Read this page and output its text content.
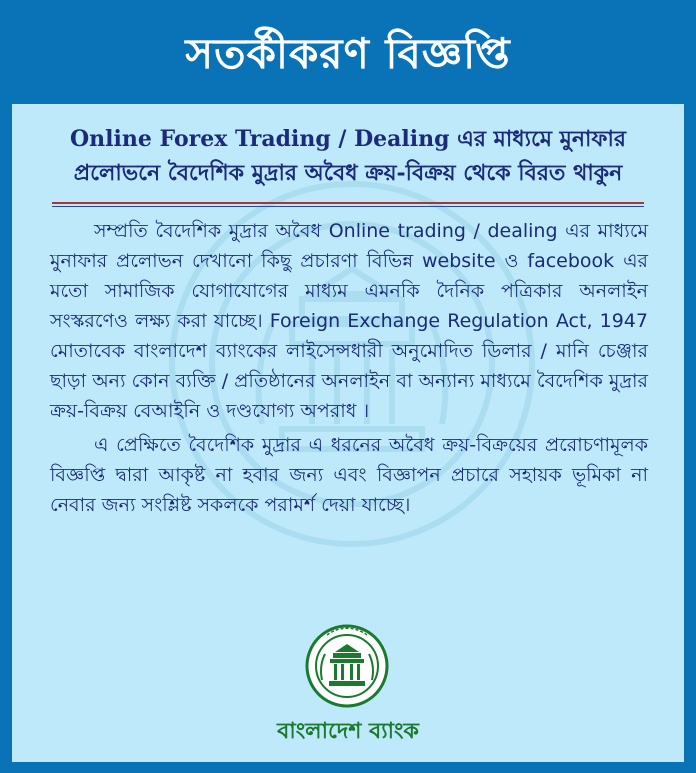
সতর্কীকরণ বিজ্ঞপ্তি
Online Forex Trading / Dealing এর মাধ্যমে মুনাফার
প্রলোভনে বৈদেশিক মুদ্রার অবৈধ ক্রয়-বিক্রয় থেকে বিরত থাকুন

সম্প্রতি বৈদেশিক মুদ্রার অবৈধ Online trading / dealing এর মাধ্যমে মুনাফার প্রলোভন দেখানো কিছু প্রচারণা বিভিন্ন website ও facebook এর মতো সামাজিক যোগাযোগের মাধ্যম এমনকি দৈনিক পত্রিকার অনলাইন সংস্করণেও লক্ষ্য করা যাচ্ছে। Foreign Exchange Regulation Act, 1947 মোতাবেক বাংলাদেশ ব্যাংকের লাইসেন্সধারী অনুমোদিত ডিলার / মানি চেঞ্জার ছাড়া অন্য কোন ব্যক্তি / প্রতিষ্ঠানের অনলাইন বা অন্যান্য মাধ্যমে বৈদেশিক মুদ্রার ক্রয়-বিক্রয় বেআইনি ও দণ্ডযোগ্য অপরাধ ।

এ প্রেক্ষিতে বৈদেশিক মুদ্রার এ ধরনের অবৈধ ক্রয়-বিক্রয়ের প্ররোচণামূলক বিজ্ঞপ্তি দ্বারা আকৃষ্ট না হবার জন্য এবং বিজ্ঞাপন প্রচারে সহায়ক ভূমিকা না নেবার জন্য সংশ্লিষ্ট সকলকে পরামর্শ দেয়া যাচ্ছে।

বাংলাদেশ ব্যাংক
